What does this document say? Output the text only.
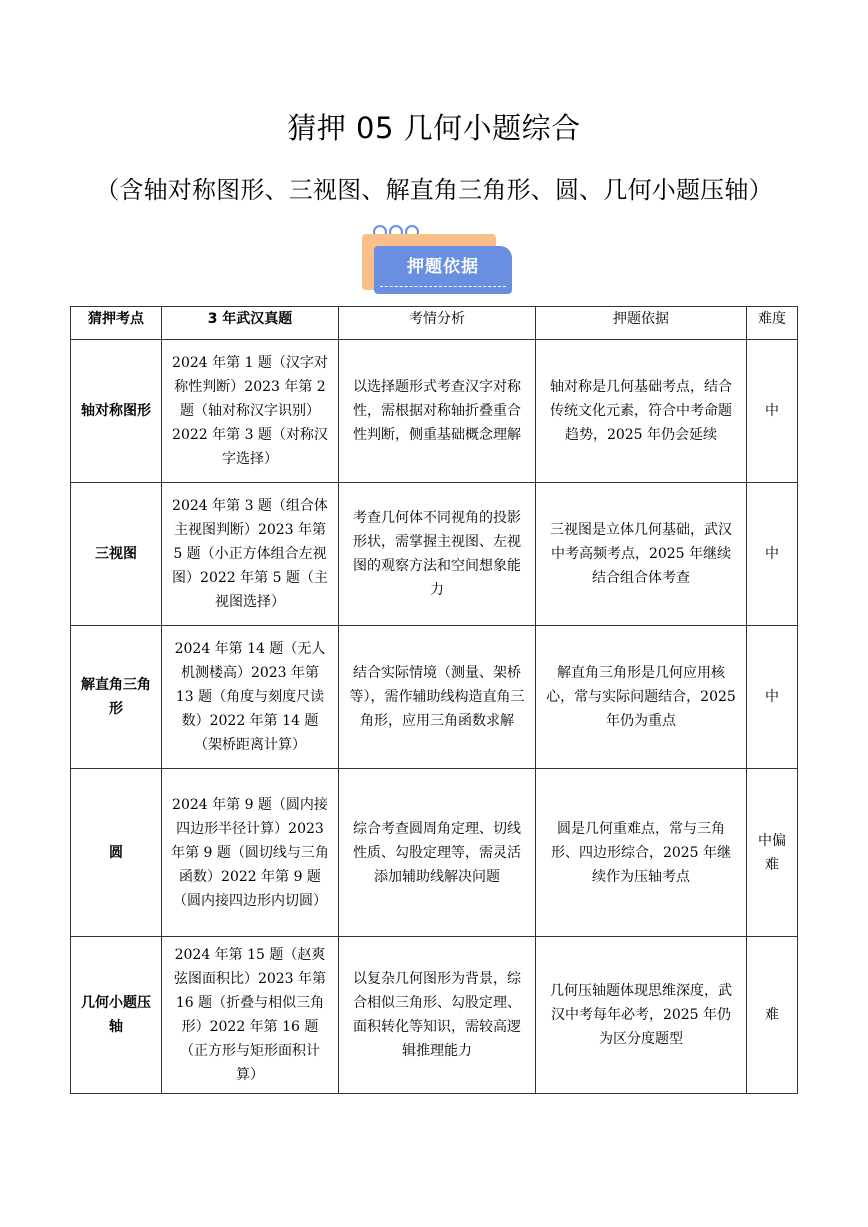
猜押 05 几何小题综合
（含轴对称图形、三视图、解直角三角形、圆、几何小题压轴）
押题依据
猜押考点	3 年武汉真题	考情分析	押题依据	难度
轴对称图形	2024 年第 1 题（汉字对称性判断）2023 年第 2 题（轴对称汉字识别）2022 年第 3 题（对称汉字选择）	以选择题形式考查汉字对称性，需根据对称轴折叠重合性判断，侧重基础概念理解	轴对称是几何基础考点，结合传统文化元素，符合中考命题趋势，2025 年仍会延续	中
三视图	2024 年第 3 题（组合体主视图判断）2023 年第 5 题（小正方体组合左视图）2022 年第 5 题（主视图选择）	考查几何体不同视角的投影形状，需掌握主视图、左视图的观察方法和空间想象能力	三视图是立体几何基础，武汉中考高频考点，2025 年继续结合组合体考查	中
解直角三角形	2024 年第 14 题（无人机测楼高）2023 年第 13 题（角度与刻度尺读数）2022 年第 14 题（架桥距离计算）	结合实际情境（测量、架桥等），需作辅助线构造直角三角形，应用三角函数求解	解直角三角形是几何应用核心，常与实际问题结合，2025 年仍为重点	中
圆	2024 年第 9 题（圆内接四边形半径计算）2023 年第 9 题（圆切线与三角函数）2022 年第 9 题（圆内接四边形内切圆）	综合考查圆周角定理、切线性质、勾股定理等，需灵活添加辅助线解决问题	圆是几何重难点，常与三角形、四边形综合，2025 年继续作为压轴考点	中偏难
几何小题压轴	2024 年第 15 题（赵爽弦图面积比）2023 年第 16 题（折叠与相似三角形）2022 年第 16 题（正方形与矩形面积计算）	以复杂几何图形为背景，综合相似三角形、勾股定理、面积转化等知识，需较高逻辑推理能力	几何压轴题体现思维深度，武汉中考每年必考，2025 年仍为区分度题型	难
